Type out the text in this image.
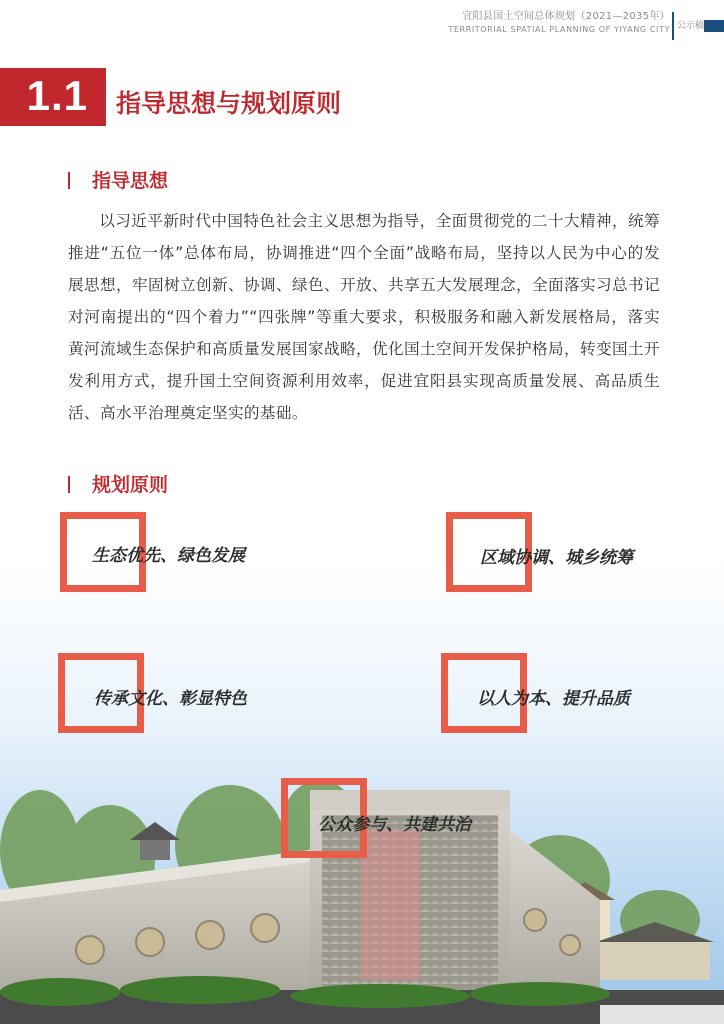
宜阳县国土空间总体规划（2021—2035年）
TERRITORIAL SPATIAL PLANNING OF YIYANG CITY 公示稿
1.1 指导思想与规划原则
指导思想
以习近平新时代中国特色社会主义思想为指导，全面贯彻党的二十大精神，统筹推进“五位一体”总体布局，协调推进“四个全面”战略布局，坚持以人民为中心的发展思想，牢固树立创新、协调、绿色、开放、共享五大发展理念，全面落实习总书记对河南提出的“四个着力”“四张牌”等重大要求，积极服务和融入新发展格局，落实黄河流域生态保护和高质量发展国家战略，优化国土空间开发保护格局，转变国土开发利用方式，提升国土空间资源利用效率，促进宜阳县实现高质量发展、高品质生活、高水平治理奠定坚实的基础。
规划原则
生态优先、绿色发展	区域协调、城乡统筹
传承文化、彰显特色	以人为本、提升品质
公众参与、共建共治
